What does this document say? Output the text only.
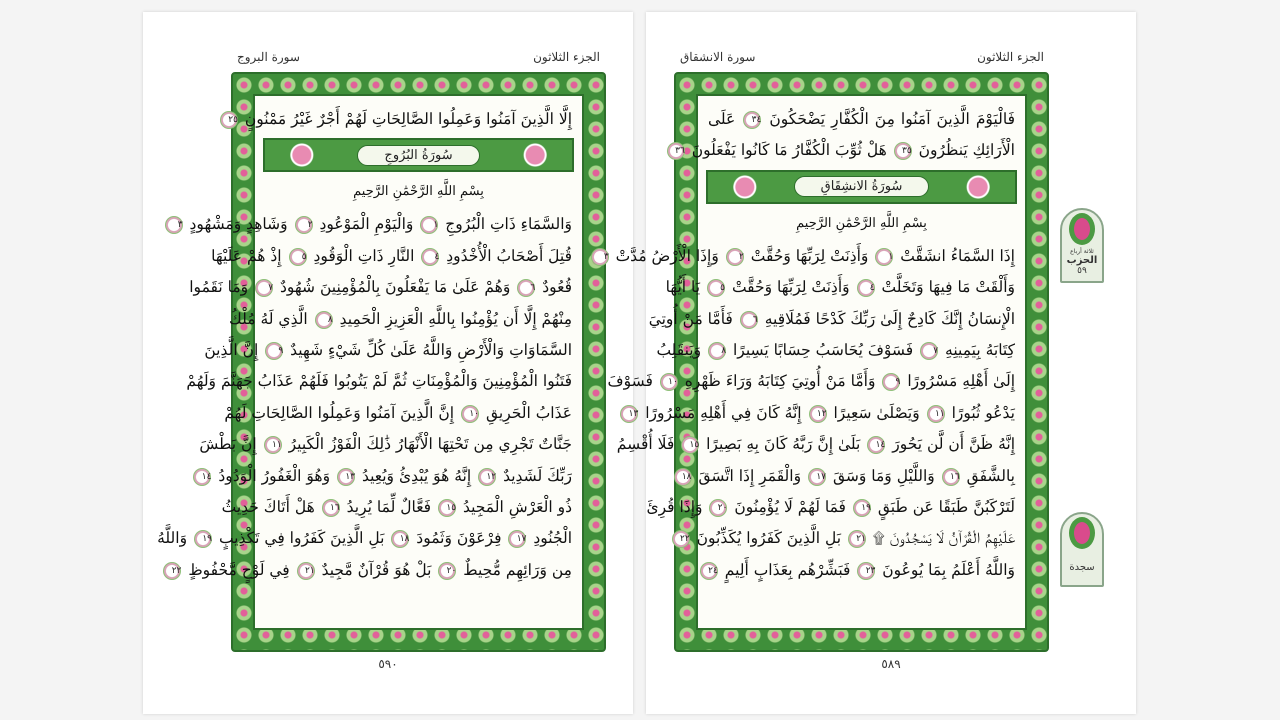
الجزء الثلاثون
سورة البروج
إِلَّا الَّذِينَ آمَنُوا وَعَمِلُوا الصَّالِحَاتِ لَهُمْ أَجْرٌ غَيْرُ مَمْنُونٍ ٢٥
سُورَةُ البُرُوجِ
بِسْمِ اللَّهِ الرَّحْمَٰنِ الرَّحِيمِ
وَالسَّمَاءِ ذَاتِ الْبُرُوجِ ١ وَالْيَوْمِ الْمَوْعُودِ ٢ وَشَاهِدٍ وَمَشْهُودٍ ٣
قُتِلَ أَصْحَابُ الْأُخْدُودِ ٤ النَّارِ ذَاتِ الْوَقُودِ ٥ إِذْ هُمْ عَلَيْهَا
قُعُودٌ ٦ وَهُمْ عَلَىٰ مَا يَفْعَلُونَ بِالْمُؤْمِنِينَ شُهُودٌ ٧ وَمَا نَقَمُوا
مِنْهُمْ إِلَّا أَن يُؤْمِنُوا بِاللَّهِ الْعَزِيزِ الْحَمِيدِ ٨ الَّذِي لَهُ مُلْكُ
السَّمَاوَاتِ وَالْأَرْضِ وَاللَّهُ عَلَىٰ كُلِّ شَيْءٍ شَهِيدٌ ٩ إِنَّ الَّذِينَ
فَتَنُوا الْمُؤْمِنِينَ وَالْمُؤْمِنَاتِ ثُمَّ لَمْ يَتُوبُوا فَلَهُمْ عَذَابُ جَهَنَّمَ وَلَهُمْ
عَذَابُ الْحَرِيقِ ١٠ إِنَّ الَّذِينَ آمَنُوا وَعَمِلُوا الصَّالِحَاتِ لَهُمْ
جَنَّاتٌ تَجْرِي مِن تَحْتِهَا الْأَنْهَارُ ذَٰلِكَ الْفَوْزُ الْكَبِيرُ ١١ إِنَّ بَطْشَ
رَبِّكَ لَشَدِيدٌ ١٢ إِنَّهُ هُوَ يُبْدِئُ وَيُعِيدُ ١٣ وَهُوَ الْغَفُورُ الْوَدُودُ ١٤
ذُو الْعَرْشِ الْمَجِيدُ ١٥ فَعَّالٌ لِّمَا يُرِيدُ ١٦ هَلْ أَتَاكَ حَدِيثُ
الْجُنُودِ ١٧ فِرْعَوْنَ وَثَمُودَ ١٨ بَلِ الَّذِينَ كَفَرُوا فِي تَكْذِيبٍ ١٩ وَاللَّهُ
مِن وَرَائِهِم مُّحِيطٌ ٢٠ بَلْ هُوَ قُرْآنٌ مَّجِيدٌ ٢١ فِي لَوْحٍ مَّحْفُوظٍ ٢٢
٥٩٠
الجزء الثلاثون
سورة الانشقاق
فَالْيَوْمَ الَّذِينَ آمَنُوا مِنَ الْكُفَّارِ يَضْحَكُونَ ٣٤ عَلَى
الْأَرَائِكِ يَنظُرُونَ ٣٥ هَلْ ثُوِّبَ الْكُفَّارُ مَا كَانُوا يَفْعَلُونَ ٣٦
سُورَةُ الانشِقَاقِ
بِسْمِ اللَّهِ الرَّحْمَٰنِ الرَّحِيمِ
إِذَا السَّمَاءُ انشَقَّتْ ١ وَأَذِنَتْ لِرَبِّهَا وَحُقَّتْ ٢ وَإِذَا الْأَرْضُ مُدَّتْ ٣
وَأَلْقَتْ مَا فِيهَا وَتَخَلَّتْ ٤ وَأَذِنَتْ لِرَبِّهَا وَحُقَّتْ ٥ يَا أَيُّهَا
الْإِنسَانُ إِنَّكَ كَادِحٌ إِلَىٰ رَبِّكَ كَدْحًا فَمُلَاقِيهِ ٦ فَأَمَّا مَنْ أُوتِيَ
كِتَابَهُ بِيَمِينِهِ ٧ فَسَوْفَ يُحَاسَبُ حِسَابًا يَسِيرًا ٨ وَيَنقَلِبُ
إِلَىٰ أَهْلِهِ مَسْرُورًا ٩ وَأَمَّا مَنْ أُوتِيَ كِتَابَهُ وَرَاءَ ظَهْرِهِ ١٠ فَسَوْفَ
يَدْعُو ثُبُورًا ١١ وَيَصْلَىٰ سَعِيرًا ١٢ إِنَّهُ كَانَ فِي أَهْلِهِ مَسْرُورًا ١٣
إِنَّهُ ظَنَّ أَن لَّن يَحُورَ ١٤ بَلَىٰ إِنَّ رَبَّهُ كَانَ بِهِ بَصِيرًا ١٥ فَلَا أُقْسِمُ
بِالشَّفَقِ ١٦ وَاللَّيْلِ وَمَا وَسَقَ ١٧ وَالْقَمَرِ إِذَا اتَّسَقَ ١٨
لَتَرْكَبُنَّ طَبَقًا عَن طَبَقٍ ١٩ فَمَا لَهُمْ لَا يُؤْمِنُونَ ٢٠ وَإِذَا قُرِئَ
عَلَيْهِمُ الْقُرْآنُ لَا يَسْجُدُونَ ۩ ٢١ بَلِ الَّذِينَ كَفَرُوا يُكَذِّبُونَ ٢٢
وَاللَّهُ أَعْلَمُ بِمَا يُوعُونَ ٢٣ فَبَشِّرْهُم بِعَذَابٍ أَلِيمٍ ٢٤
٥٨٩
ثلاثة أرباع
الحزب
٥٩
سجدة
